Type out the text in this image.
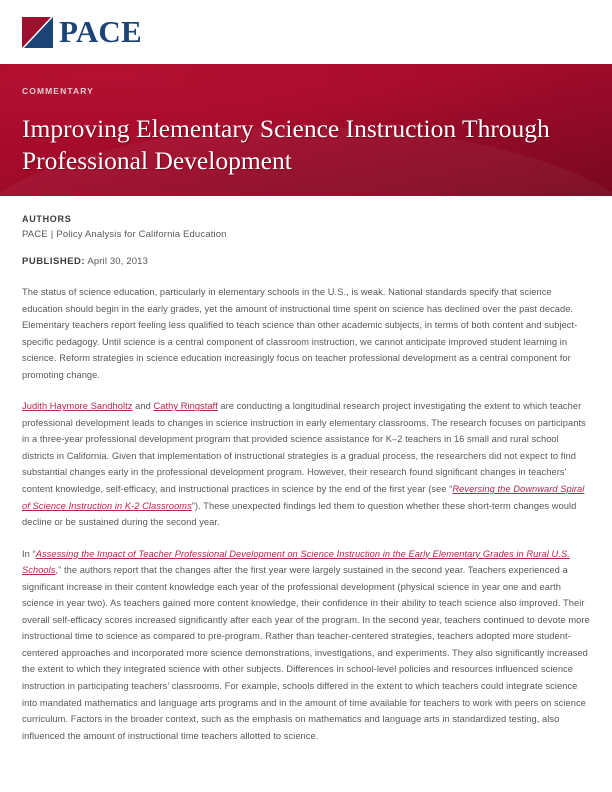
PACE
COMMENTARY
Improving Elementary Science Instruction Through Professional Development
AUTHORS
PACE | Policy Analysis for California Education
PUBLISHED: April 30, 2013

The status of science education, particularly in elementary schools in the U.S., is weak. National standards specify that science education should begin in the early grades, yet the amount of instructional time spent on science has declined over the past decade. Elementary teachers report feeling less qualified to teach science than other academic subjects, in terms of both content and subject-specific pedagogy. Until science is a central component of classroom instruction, we cannot anticipate improved student learning in science. Reform strategies in science education increasingly focus on teacher professional development as a central component for promoting change.

Judith Haymore Sandholtz and Cathy Ringstaff are conducting a longitudinal research project investigating the extent to which teacher professional development leads to changes in science instruction in early elementary classrooms. The research focuses on participants in a three-year professional development program that provided science assistance for K–2 teachers in 16 small and rural school districts in California. Given that implementation of instructional strategies is a gradual process, the researchers did not expect to find substantial changes early in the professional development program. However, their research found significant changes in teachers’ content knowledge, self-efficacy, and instructional practices in science by the end of the first year (see “Reversing the Downward Spiral of Science Instruction in K-2 Classrooms”). These unexpected findings led them to question whether these short-term changes would decline or be sustained during the second year.

In “Assessing the Impact of Teacher Professional Development on Science Instruction in the Early Elementary Grades in Rural U.S. Schools,” the authors report that the changes after the first year were largely sustained in the second year. Teachers experienced a significant increase in their content knowledge each year of the professional development (physical science in year one and earth science in year two). As teachers gained more content knowledge, their confidence in their ability to teach science also improved. Their overall self-efficacy scores increased significantly after each year of the program. In the second year, teachers continued to devote more instructional time to science as compared to pre-program. Rather than teacher-centered strategies, teachers adopted more student-centered approaches and incorporated more science demonstrations, investigations, and experiments. They also significantly increased the extent to which they integrated science with other subjects. Differences in school-level policies and resources influenced science instruction in participating teachers’ classrooms. For example, schools differed in the extent to which teachers could integrate science into mandated mathematics and language arts programs and in the amount of time available for teachers to work with peers on science curriculum. Factors in the broader context, such as the emphasis on mathematics and language arts in standardized testing, also influenced the amount of instructional time teachers allotted to science.
